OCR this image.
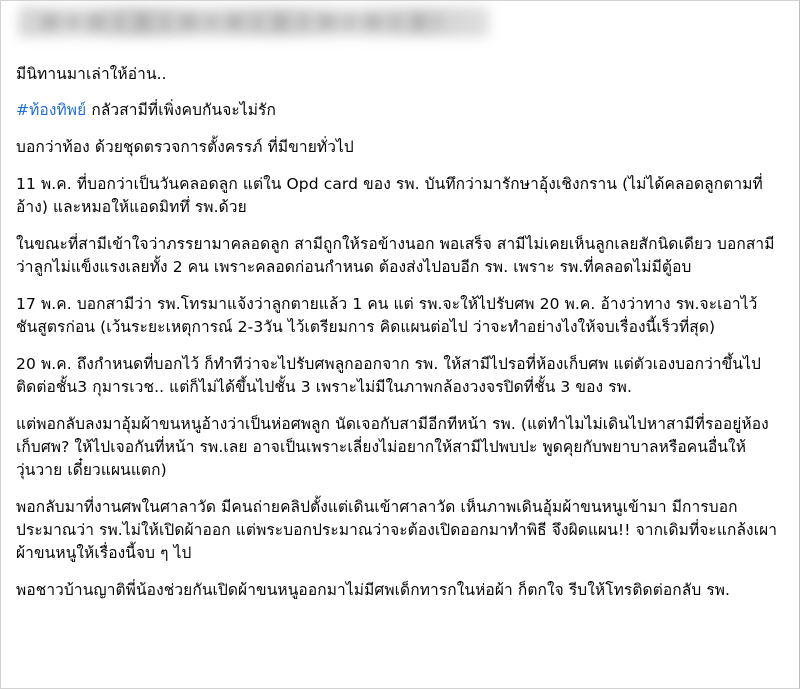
มีนิทานมาเล่าให้อ่าน..

#ท้องทิพย์ กลัวสามีที่เพิ่งคบกันจะไม่รัก

บอกว่าท้อง ด้วยชุดตรวจการตั้งครรภ์ ที่มีขายทั่วไป

11 พ.ค. ที่บอกว่าเป็นวันคลอดลูก แต่ใน Opd card ของ รพ. บันทึกว่ามารักษาอุ้งเชิงกราน (ไม่ได้คลอดลูกตามที่อ้าง) และหมอให้แอดมิททึ่ รพ.ด้วย

ในขณะที่สามีเข้าใจว่าภรรยามาคลอดลูก สามีถูกให้รอข้างนอก พอเสร็จ สามีไม่เคยเห็นลูกเลยสักนิดเดียว บอกสามีว่าลูกไม่แข็งแรงเลยทั้ง 2 คน เพราะคลอดก่อนกำหนด ต้องส่งไปอบอีก รพ. เพราะ รพ.ที่คลอดไม่มีตู้อบ

17 พ.ค. บอกสามีว่า รพ.โทรมาแจ้งว่าลูกตายแล้ว 1 คน แต่ รพ.จะให้ไปรับศพ 20 พ.ค. อ้างว่าทาง รพ.จะเอาไว้ชันสูตรก่อน (เว้นระยะเหตุการณ์ 2-3วัน ไว้เตรียมการ คิดแผนต่อไป ว่าจะทำอย่างไงให้จบเรื่องนี้เร็วที่สุด)

20 พ.ค. ถึงกำหนดที่บอกไว้ ก็ทำทีว่าจะไปรับศพลูกออกจาก รพ. ให้สามีไปรอที่ห้องเก็บศพ แต่ตัวเองบอกว่าขึ้นไปติดต่อชั้น3 กุมารเวช.. แต่ก็ไม่ได้ขึ้นไปชั้น 3 เพราะไม่มีในภาพกล้องวงจรปิดที่ชั้น 3 ของ รพ.

แต่พอกลับลงมาอุ้มผ้าขนหนูอ้างว่าเป็นห่อศพลูก นัดเจอกับสามีอีกทีหน้า รพ. (แต่ทำไมไม่เดินไปหาสามีที่รออยู่ห้องเก็บศพ? ให้ไปเจอกันที่หน้า รพ.เลย อาจเป็นเพราะเลี่ยงไม่อยากให้สามีไปพบปะ พูดคุยกับพยาบาลหรือคนอื่นให้วุ่นวาย เดี๋ยวแผนแตก)

พอกลับมาที่งานศพในศาลาวัด มีคนถ่ายคลิปตั้งแต่เดินเข้าศาลาวัด เห็นภาพเดินอุ้มผ้าขนหนูเข้ามา มีการบอกประมาณว่า รพ.ไม่ให้เปิดผ้าออก แต่พระบอกประมาณว่าจะต้องเปิดออกมาทำพิธี จึงผิดแผน!! จากเดิมที่จะแกล้งเผาผ้าขนหนูให้เรื่องนี้จบ ๆ ไป

พอชาวบ้านญาติพี่น้องช่วยกันเปิดผ้าขนหนูออกมาไม่มีศพเด็กทารกในห่อผ้า ก็ตกใจ รีบให้โทรติดต่อกลับ รพ.
